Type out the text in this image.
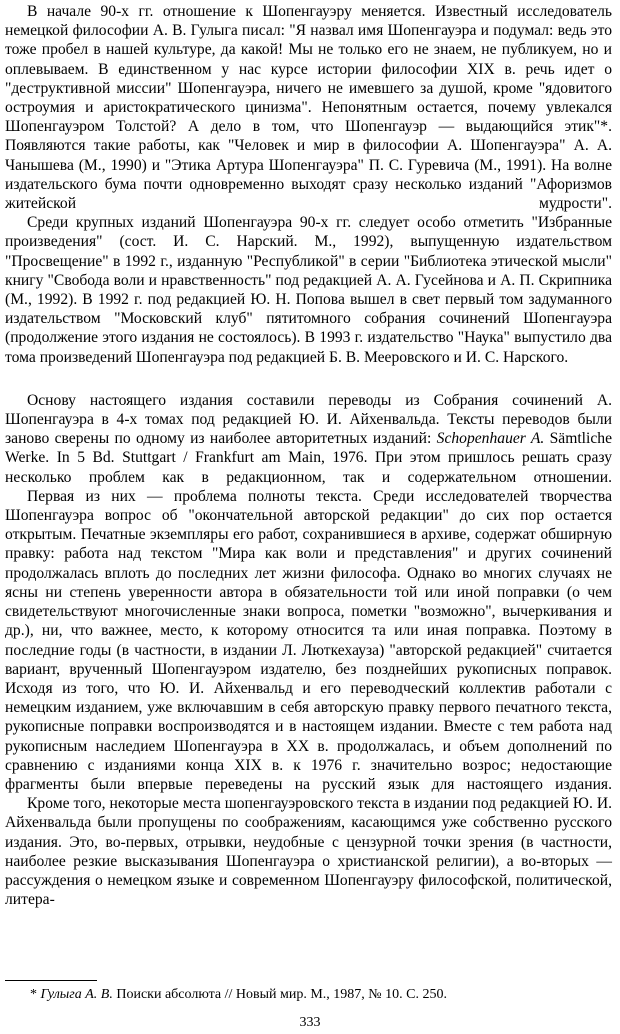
В начале 90-х гг. отношение к Шопенгауэру меняется. Известный исследователь немецкой философии А. В. Гулыга писал: "Я назвал имя Шопенгауэра и подумал: ведь это тоже пробел в нашей культуре, да какой! Мы не только его не знаем, не публикуем, но и оплевываем. В единственном у нас курсе истории философии XIX в. речь идет о "деструктивной миссии" Шопенгауэра, ничего не имевшего за душой, кроме "ядовитого остроумия и аристократического цинизма". Непонятным остается, почему увлекался Шопенгауэром Толстой? А дело в том, что Шопенгауэр — выдающийся этик"*. Появляются такие работы, как "Человек и мир в философии А. Шопенгауэра" А. А. Чанышева (М., 1990) и "Этика Артура Шопенгауэра" П. С. Гуревича (М., 1991). На волне издательского бума почти одновременно выходят сразу несколько изданий "Афоризмов житейской мудрости".

Среди крупных изданий Шопенгауэра 90-х гг. следует особо отметить "Избранные произведения" (сост. И. С. Нарский. М., 1992), выпущенную издательством "Просвещение" в 1992 г., изданную "Республикой" в серии "Библиотека этической мысли" книгу "Свобода воли и нравственность" под редакцией А. А. Гусейнова и А. П. Скрипника (М., 1992). В 1992 г. под редакцией Ю. Н. Попова вышел в свет первый том задуманного издательством "Московский клуб" пятитомного собрания сочинений Шопенгауэра (продолжение этого издания не состоялось). В 1993 г. издательство "Наука" выпустило два тома произведений Шопенгауэра под редакцией Б. В. Мееровского и И. С. Нарского.

Основу настоящего издания составили переводы из Собрания сочинений А. Шопенгауэра в 4-х томах под редакцией Ю. И. Айхенвальда. Тексты переводов были заново сверены по одному из наиболее авторитетных изданий: Schopenhauer A. Sämtliche Werke. In 5 Bd. Stuttgart / Frankfurt am Main, 1976. При этом пришлось решать сразу несколько проблем как в редакционном, так и содержательном отношении.

Первая из них — проблема полноты текста. Среди исследователей творчества Шопенгауэра вопрос об "окончательной авторской редакции" до сих пор остается открытым. Печатные экземпляры его работ, сохранившиеся в архиве, содержат обширную правку: работа над текстом "Мира как воли и представления" и других сочинений продолжалась вплоть до последних лет жизни философа. Однако во многих случаях не ясны ни степень уверенности автора в обязательности той или иной поправки (о чем свидетельствуют многочисленные знаки вопроса, пометки "возможно", вычеркивания и др.), ни, что важнее, место, к которому относится та или иная поправка. Поэтому в последние годы (в частности, в издании Л. Люткехауза) "авторской редакцией" считается вариант, врученный Шопенгауэром издателю, без позднейших рукописных поправок. Исходя из того, что Ю. И. Айхенвальд и его переводческий коллектив работали с немецким изданием, уже включавшим в себя авторскую правку первого печатного текста, рукописные поправки воспроизводятся и в настоящем издании. Вместе с тем работа над рукописным наследием Шопенгауэра в XX в. продолжалась, и объем дополнений по сравнению с изданиями конца XIX в. к 1976 г. значительно возрос; недостающие фрагменты были впервые переведены на русский язык для настоящего издания.

Кроме того, некоторые места шопенгауэровского текста в издании под редакцией Ю. И. Айхенвальда были пропущены по соображениям, касающимся уже собственно русского издания. Это, во-первых, отрывки, неудобные с цензурной точки зрения (в частности, наиболее резкие высказывания Шопенгауэра о христианской религии), а во-вторых — рассуждения о немецком языке и современном Шопенгауэру философской, политической, литера-

* Гулыга А. В. Поиски абсолюта // Новый мир. М., 1987, № 10. С. 250.
333
